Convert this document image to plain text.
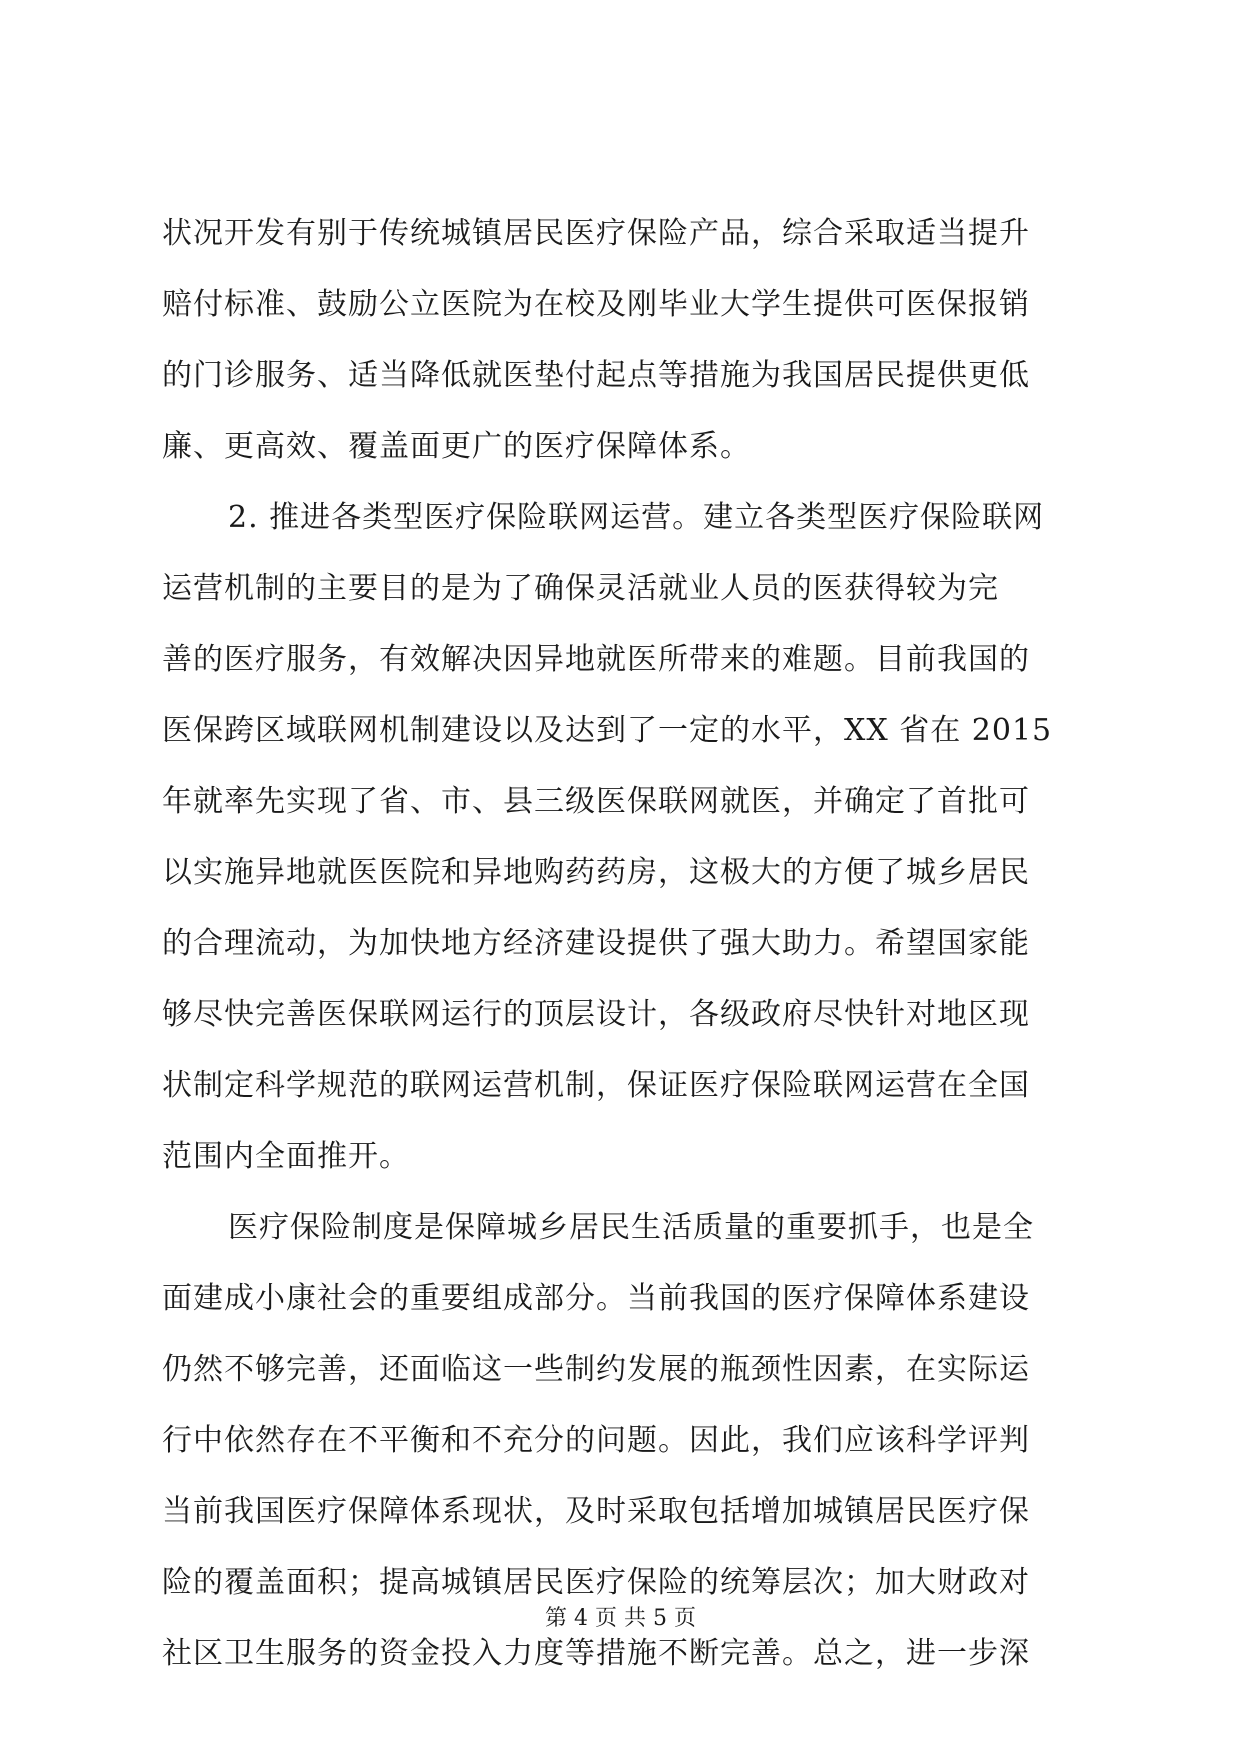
状况开发有别于传统城镇居民医疗保险产品，综合采取适当提升
赔付标准、鼓励公立医院为在校及刚毕业大学生提供可医保报销
的门诊服务、适当降低就医垫付起点等措施为我国居民提供更低
廉、更高效、覆盖面更广的医疗保障体系。
2. 推进各类型医疗保险联网运营。建立各类型医疗保险联网
运营机制的主要目的是为了确保灵活就业人员的医获得较为完
善的医疗服务，有效解决因异地就医所带来的难题。目前我国的
医保跨区域联网机制建设以及达到了一定的水平，XX 省在 2015
年就率先实现了省、市、县三级医保联网就医，并确定了首批可
以实施异地就医医院和异地购药药房，这极大的方便了城乡居民
的合理流动，为加快地方经济建设提供了强大助力。希望国家能
够尽快完善医保联网运行的顶层设计，各级政府尽快针对地区现
状制定科学规范的联网运营机制，保证医疗保险联网运营在全国
范围内全面推开。
医疗保险制度是保障城乡居民生活质量的重要抓手，也是全
面建成小康社会的重要组成部分。当前我国的医疗保障体系建设
仍然不够完善，还面临这一些制约发展的瓶颈性因素，在实际运
行中依然存在不平衡和不充分的问题。因此，我们应该科学评判
当前我国医疗保障体系现状，及时采取包括增加城镇居民医疗保
险的覆盖面积；提高城镇居民医疗保险的统筹层次；加大财政对
社区卫生服务的资金投入力度等措施不断完善。总之，进一步深
第 4 页 共 5 页
